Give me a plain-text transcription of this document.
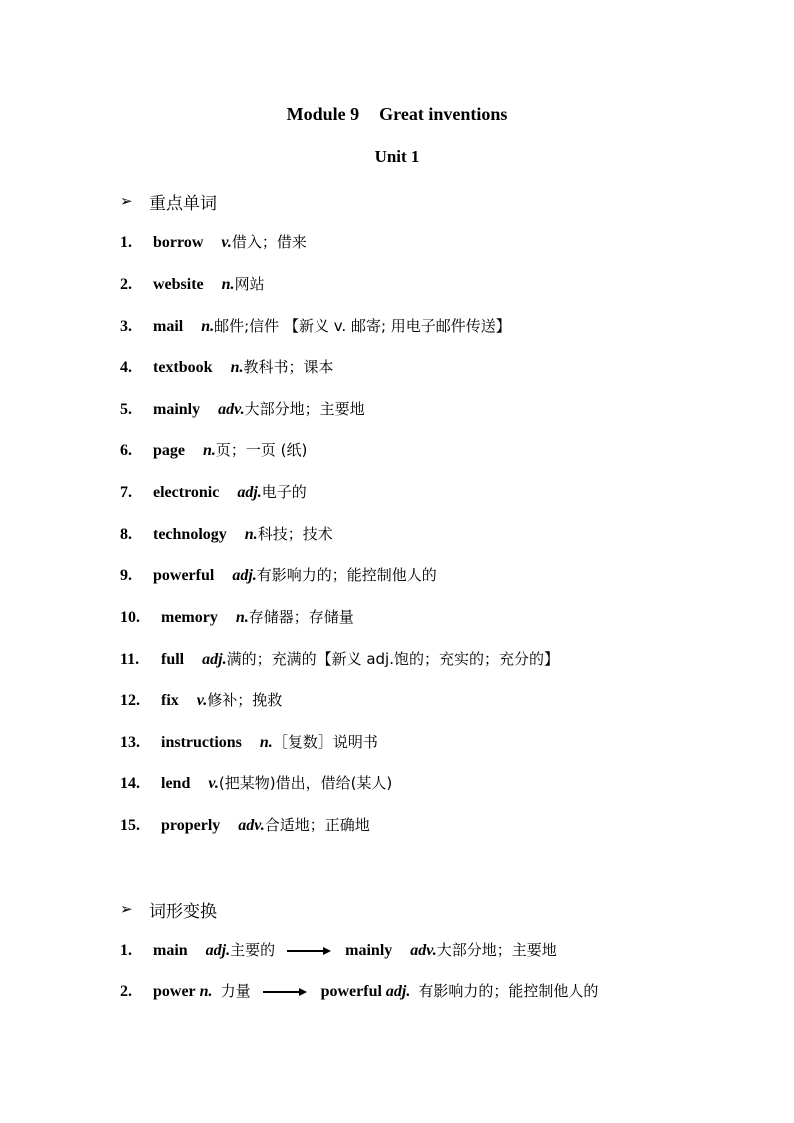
Module 9 Great inventions
Unit 1
➢ 重点单词
1. borrow v.借入；借来
2. website n.网站
3. mail n.邮件;信件 【新义 v. 邮寄; 用电子邮件传送】
4. textbook n.教科书；课本
5. mainly adv.大部分地；主要地
6. page n.页；一页 (纸)
7. electronic adj.电子的
8. technology n.科技；技术
9. powerful adj.有影响力的；能控制他人的
10. memory n.存储器；存储量
11. full adj.满的；充满的【新义 adj.饱的；充实的；充分的】
12. fix v.修补；挽救
13. instructions n.［复数］说明书
14. lend v.(把某物)借出，借给(某人)
15. properly adv.合适地；正确地
➢ 词形变换
1. main adj.主要的	mainly adv.大部分地；主要地
2. power n. 力量	powerful adj. 有影响力的；能控制他人的
